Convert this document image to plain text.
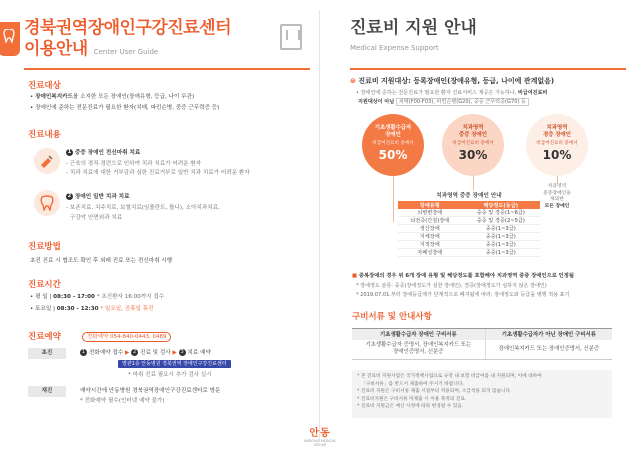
경북권역장애인구강진료센터
이용안내 Center User Guide
진료대상
• 장애인복지카드를 소지한 모든 장애인(장애유형, 등급, 나이 무관)
• 장애인에 준하는 전문진료가 필요한 환자(치매, 파킨슨병, 중증 근무력증 등)
진료내용
1 중증 장애인 전신마취 치료
- 근육의 경직·경련으로 인하여 치과 치료가 어려운 환자
- 치과 치료에 대한 거부감과 심한 진료거부로 일반 치과 치료가 어려운 환자
2 장애인 일반 치과 치료
- 보존치료, 치주치료, 보철치료(임플란트, 틀니), 소아치과치료,
구강악 안면외과 치료
진료방법
초진 진료 시 협조도 확인 후 외래 진료 또는 전신마취 시행
진료시간
• 평 일 | 08:30 - 17:00 * 초진환자 16:00까지 접수
• 토요일 | 08:30 - 12:30 * 일요일, 공휴일 휴진
진료예약	전화예약 054-840-0443, 0489
초진	1 전화예약 접수 ▶ 2 진료 및 검사 ▶ 3 치료 예약
별관1층 안동병원 경북권역 장애인구강진료센터
* 마취 진료 필요시 추가 검사 실시
재진	예약시간에 안동병원 경북권역장애인구강진료센터로 방문
* 전화예약 필수(인터넷 예약 불가)
진료비 지원 안내
Medical Expense Support
⊜ 진료비 지원대상: 등록장애인(장애유형, 등급, 나이에 관계없음)
• 장애인에 준하는 전문진료가 필요한 환자 진료서비스 제공은 가능하나, 비급여진료비
지원대상이 아님 치매(F00-F03), 파킨슨병(G20), 중증 근무력증(G70) 등
기초생활수급자
장애인
비급여진료비 중에서
50%
치과영역
중증 장애인
비급여진료비 중에서
30%
치과영역
경증 장애인
비급여진료비 중에서
10%
치과영역
중증장애인을
제외한
모든 장애인
치과영역 중증 장애인 안내
장애유형	해당정도(등급)
뇌병변장애	중증 및 경증(1~6급)
뇌전증(간질)장애	중증 및 경증(2~5급)
정신장애	중증(1~3급)
지체장애	중증(1~3급)
지적장애	중증(1~3급)
자폐성장애	중증(1~3급)
■ 중복장애의 경우 위 6개 장애 유형 및 해당정도를 포함해야 치과영역 중증 장애인으로 인정됨
* 장애정도 분류: 중증(장애정도가 심한 장애인), 경증(장애정도가 심하지 않은 장애인)
* 2019.07.01.부터 장애등급제가 단계적으로 폐지됨에 따라, 장애정도와 등급을 병행 적용 표기
구비서류 및 안내사항
기초생활수급자 장애인 구비서류	기초생활수급자가 아닌 장애인 구비서류

기초생활수급자 증명서, 장애인복지카드 또는
장애인증명서, 신분증	장애인복지카드 또는 장애인증명서, 신분증
* 본 진료비 지원사업은 국가정책사업으로 규정 내 보험 비급여를 내 지원되며, 이에 대하여
「구비서류」를 반드시 제출하여 주시기 바랍니다.
* 진료비 지원은 구비서류 제출 시점부터 적용되며, 소급적용 되지 않습니다.
* 진료비지원은 구비서류 미제출 시 이용 목적의 진료.
* 진료비 지원금은 예산 사정에 따라 변경될 수 있음.
안동
ANDONG MEDICAL GROUP
